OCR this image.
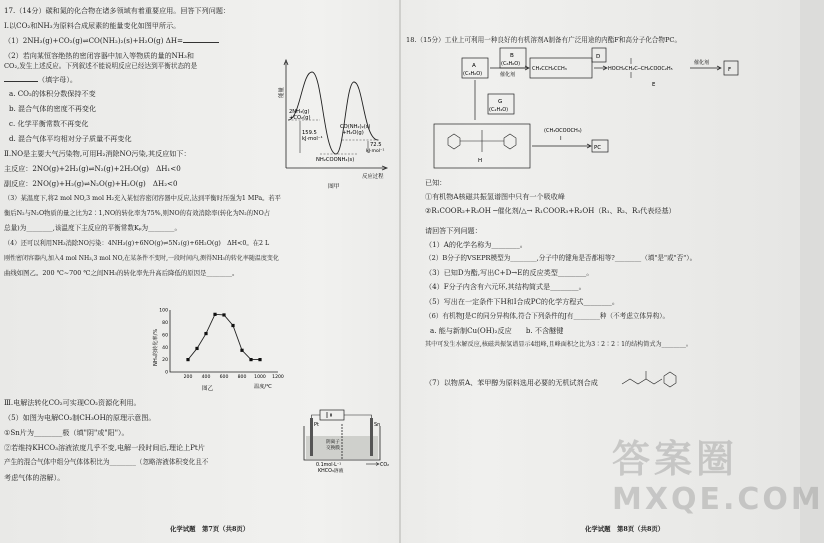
17.（14分）碳和氮的化合物在诸多领域有着重要应用。回答下列问题：
Ⅰ.以CO₂和NH₃为原料合成尿素的能量变化如图甲所示。
（1）2NH₃(g)+CO₂(g)⇌CO(NH₂)₂(s)+H₂O(g) ΔH=
（2）若向某恒容绝热的密闭容器中加入等物质的量的NH₃和
CO₂,发生上述反应。下列叙述不能说明反应已经达到平衡状态的是
（填字母）。
a. CO₂的体积分数保持不变
b. 混合气体的密度不再变化
c. 化学平衡常数不再变化
d. 混合气体平均相对分子质量不再变化
Ⅱ.NO是主要大气污染物,可用H₂消除NO污染,其反应如下：
主反应：2NO(g)+2H₂(g)⇌N₂(g)+2H₂O(g)　ΔH₁<0
副反应：2NO(g)+H₂(g)⇌N₂O(g)+H₂O(g)　ΔH₂<0
（3）某温度下,将2 mol NO,3 mol H₂充入某恒容密闭容器中反应,达到平衡时压强为1 MPa。若平
衡后N₂与N₂O物质的量之比为2∶1,NO的转化率为75%,则NO的有效消除率(转化为N₂的NO占
总量)为________,该温度下主反应的平衡常数Kₚ为________。
（4）还可以利用NH₃消除NO污染：4NH₃(g)+6NO(g)⇌5N₂(g)+6H₂O(g)　ΔH<0。在2 L
刚性密闭容器内,加入4 mol NH₃,3 mol NO,在某条件不变时,一段时间内,测得NH₃的转化率随温度变化
曲线如图乙。200 ℃~700 ℃之间NH₃的转化率先升高后降低的原因是________。
Ⅲ.电解法转化CO₂可实现CO₂资源化利用。
（5）如图为电解CO₂制CH₃OH的原理示意图。
①Sn片为________极（填"阴"或"阳"）。
②若维持KHCO₃溶液浓度几乎不变,电解一段时间后,理论上Pt片
产生的混合气体中组分气体体积比为________（忽略溶液体积变化且不
考虑气体的溶解）。
化学试题　第7页（共8页）
2NH₃(g)
+CO₂(g)
159.5
kJ·mol⁻¹
NH₂COONH₄(s)
CO(NH₂)₂(s)
+H₂O(g)
72.5
kJ·mol⁻¹
能量
反应过程
图甲
0
20
40
60
80
100
200 400 600 800 1000 1200
NH₃的转化率/%
温度/℃
图乙
Pt	Sn
阴离子
交换膜
0.1mol·L⁻¹
KHCO₃溶液
CO₂
18.（15分）工业上可利用一种良好的有机溶剂A制备有广泛用途的内酯F和高分子化合物PC。
A
(C₃H₆O)
B
(C₆H₆O)
催化剂
CH₃CCH₂CCH₃
D
HOCH₂CH₂C─CH₂COOC₂H₅
E
催化剂
F
G
(C₂H₄O)
H
(CH₃OCOOCH₃)
I
PC
已知：
①有机物A核磁共振氢谱图中只有一个吸收峰
②R₁COOR₂+R₃OH ─催化剂/△→ R₁COOR₃+R₂OH（R₁、R₂、R₃代表烃基）
请回答下列问题：
（1）A的化学名称为________。
（2）B分子的VSEPR模型为________,分子中的键角是否都相等?________（填"是"或"否"）。
（3）已知D为酯,写出C+D→E的反应类型________。
（4）F分子内含有六元环,其结构简式是________。
（5）写出在一定条件下H和I合成PC的化学方程式________。
（6）有机物J是C的同分异构体,符合下列条件的J有________种（不考虑立体异构）。
a. 能与新制Cu(OH)₂反应　　b. 不含醚键
其中可发生水解反应,核磁共振氢谱显示4组峰,且峰面积之比为3∶2∶2∶1的结构简式为________。
（7）以物质A、苯甲醇为原料选用必要的无机试剂合成
化学试题　第8页（共8页）
答案圈
MXQE.COM
